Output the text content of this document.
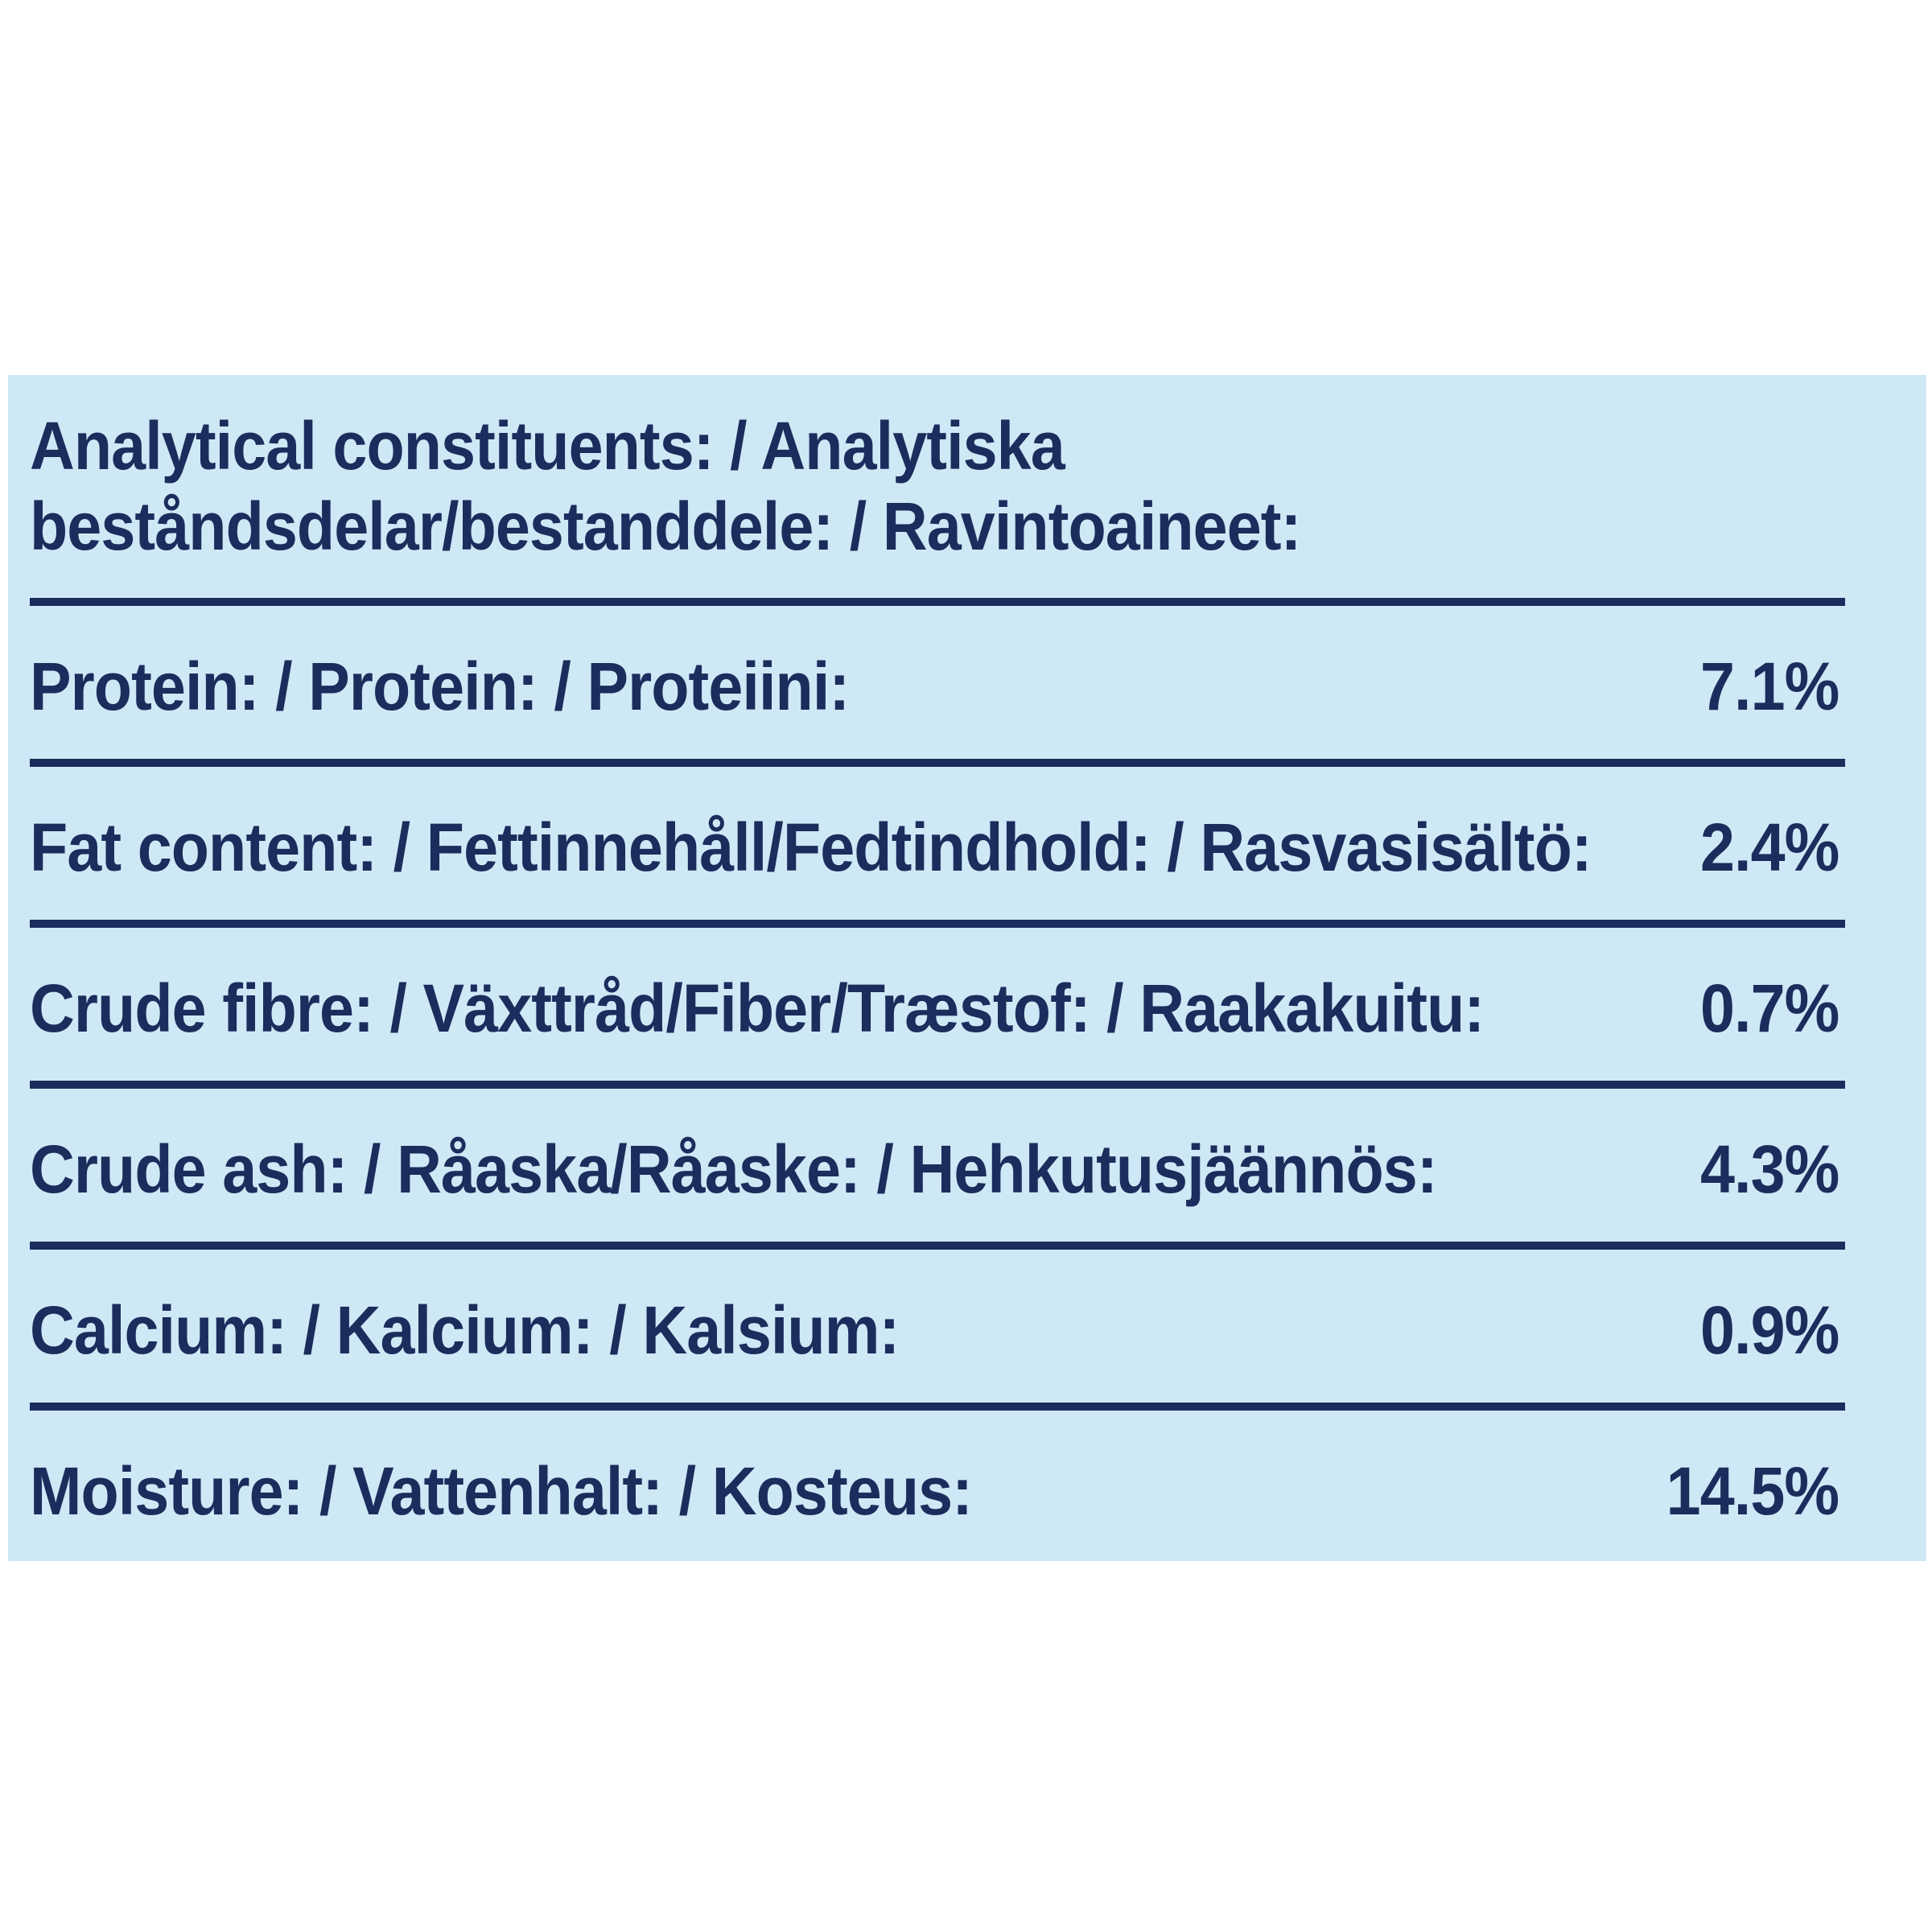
Analytical constituents: / Analytiska beståndsdelar/bestanddele: / Ravintoaineet:
Protein: / Protein: / Proteiini:	7.1%
Fat content: / Fettinnehåll/Fedtindhold: / Rasvasisältö: 2.4%
Crude fibre: / Växttråd/Fiber/Træstof: / Raakakuitu:	0.7%
Crude ash: / Råaska/Råaske: / Hehkutusjäännös:	4.3%
Calcium: / Kalcium: / Kalsium:	0.9%
Moisture: / Vattenhalt: / Kosteus:	14.5%
